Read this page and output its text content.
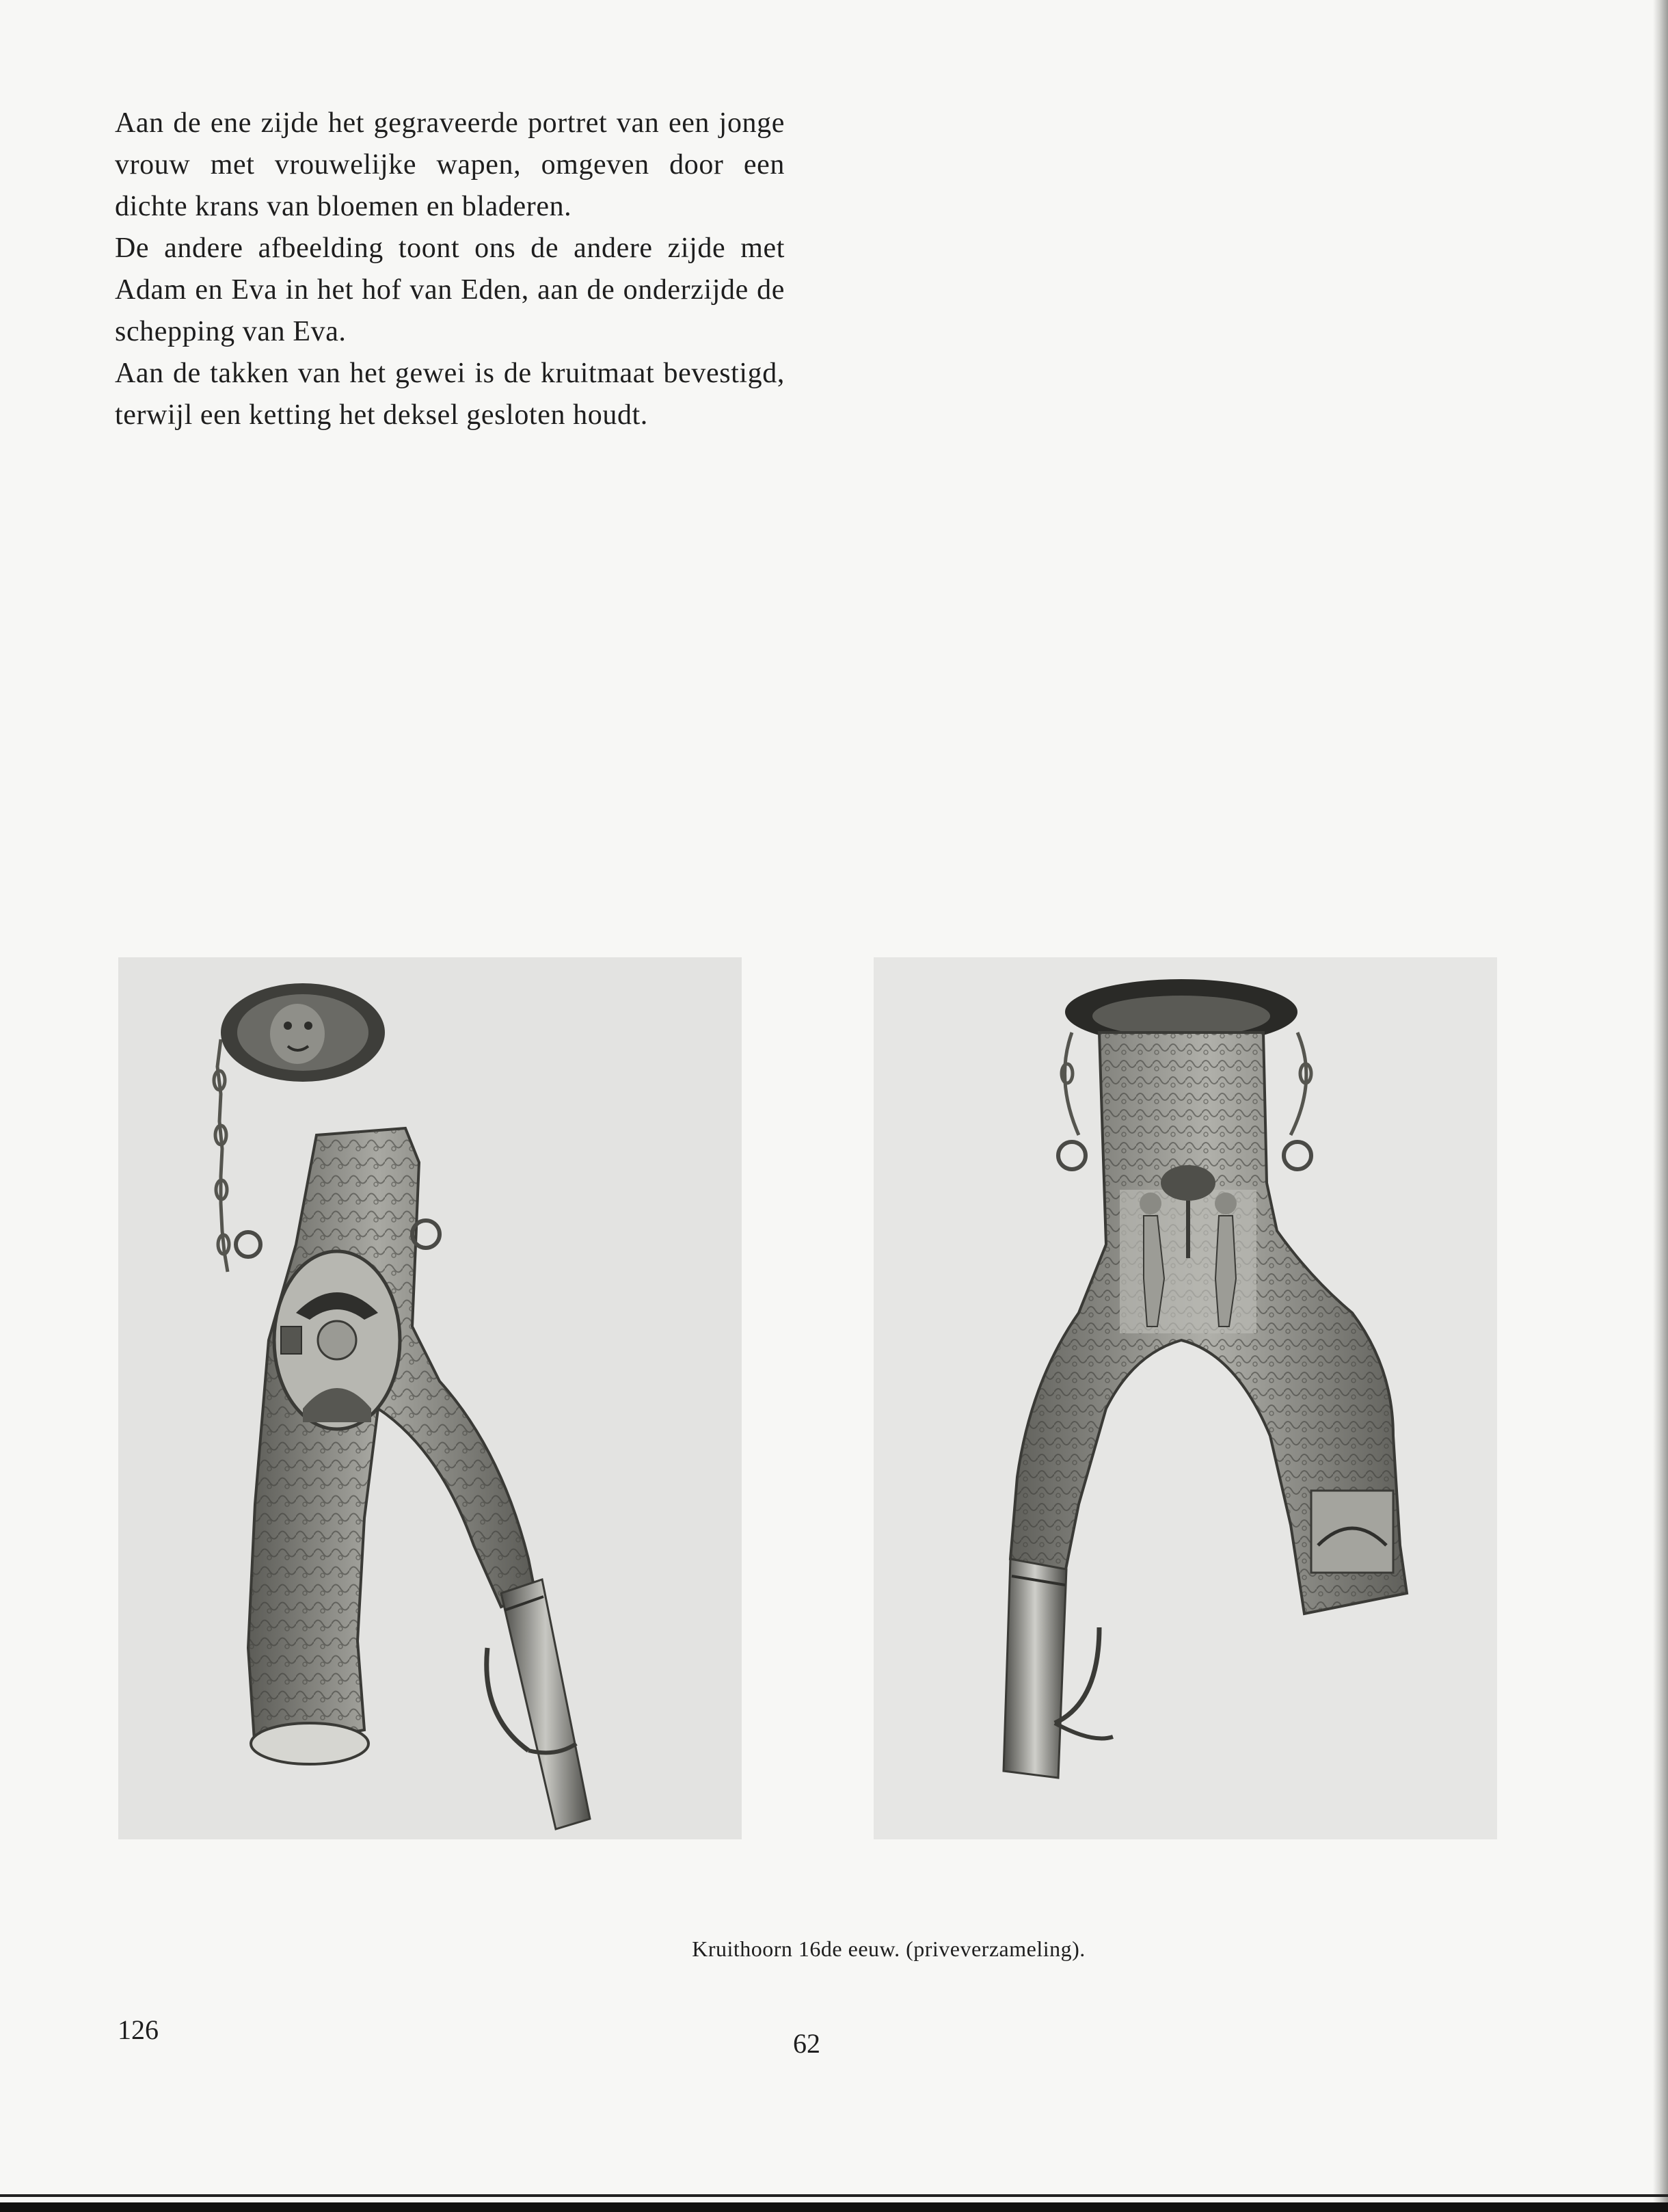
Aan de ene zijde het gegraveerde portret van een jonge vrouw met vrouwelijke wapen, omgeven door een dichte krans van bloemen en bladeren.

De andere afbeelding toont ons de andere zijde met Adam en Eva in het hof van Eden, aan de onderzijde de schepping van Eva.

Aan de takken van het gewei is de kruitmaat bevestigd, terwijl een ketting het deksel gesloten houdt.

Kruithoorn 16de eeuw. (priveverzameling).
126	62
